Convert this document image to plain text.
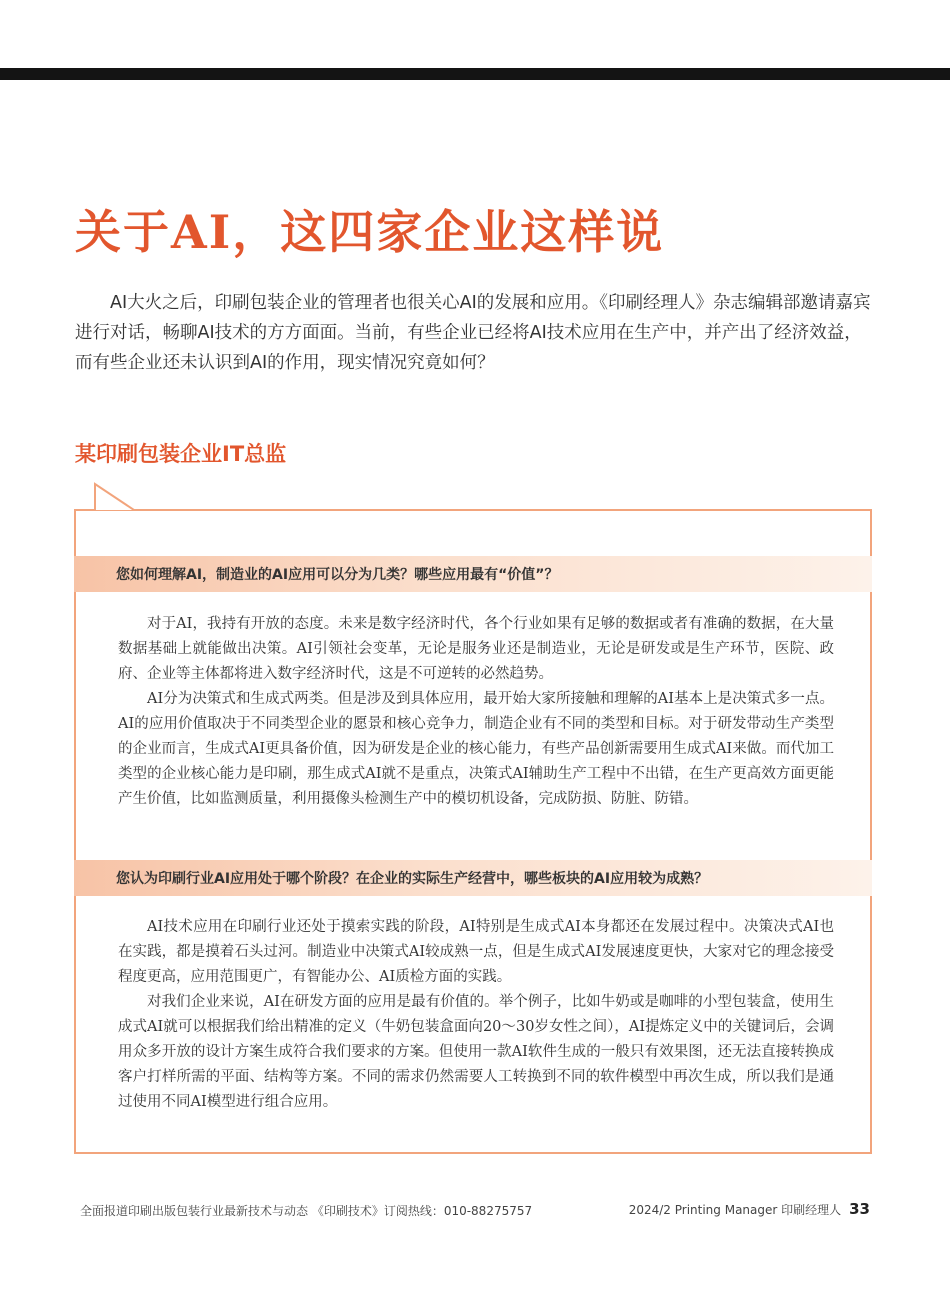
关于AI，这四家企业这样说

AI大火之后，印刷包装企业的管理者也很关心AI的发展和应用。《印刷经理人》杂志编辑部邀请嘉宾进行对话，畅聊AI技术的方方面面。当前，有些企业已经将AI技术应用在生产中，并产出了经济效益，而有些企业还未认识到AI的作用，现实情况究竟如何？

某印刷包装企业IT总监
您如何理解AI，制造业的AI应用可以分为几类？哪些应用最有“价值”？

对于AI，我持有开放的态度。未来是数字经济时代，各个行业如果有足够的数据或者有准确的数据，在大量数据基础上就能做出决策。AI引领社会变革，无论是服务业还是制造业，无论是研发或是生产环节，医院、政府、企业等主体都将进入数字经济时代，这是不可逆转的必然趋势。

AI分为决策式和生成式两类。但是涉及到具体应用，最开始大家所接触和理解的AI基本上是决策式多一点。AI的应用价值取决于不同类型企业的愿景和核心竞争力，制造企业有不同的类型和目标。对于研发带动生产类型的企业而言，生成式AI更具备价值，因为研发是企业的核心能力，有些产品创新需要用生成式AI来做。而代加工类型的企业核心能力是印刷，那生成式AI就不是重点，决策式AI辅助生产工程中不出错，在生产更高效方面更能产生价值，比如监测质量，利用摄像头检测生产中的模切机设备，完成防损、防脏、防错。

您认为印刷行业AI应用处于哪个阶段？在企业的实际生产经营中，哪些板块的AI应用较为成熟？

AI技术应用在印刷行业还处于摸索实践的阶段，AI特别是生成式AI本身都还在发展过程中。决策决式AI也在实践，都是摸着石头过河。制造业中决策式AI较成熟一点，但是生成式AI发展速度更快，大家对它的理念接受程度更高，应用范围更广，有智能办公、AI质检方面的实践。

对我们企业来说，AI在研发方面的应用是最有价值的。举个例子，比如牛奶或是咖啡的小型包装盒，使用生成式AI就可以根据我们给出精准的定义（牛奶包装盒面向20～30岁女性之间），AI提炼定义中的关键词后，会调用众多开放的设计方案生成符合我们要求的方案。但使用一款AI软件生成的一般只有效果图，还无法直接转换成客户打样所需的平面、结构等方案。不同的需求仍然需要人工转换到不同的软件模型中再次生成，所以我们是通过使用不同AI模型进行组合应用。

全面报道印刷出版包装行业最新技术与动态 《印刷技术》订阅热线：010-88275757	2024/2 Printing Manager 印刷经理人 33
